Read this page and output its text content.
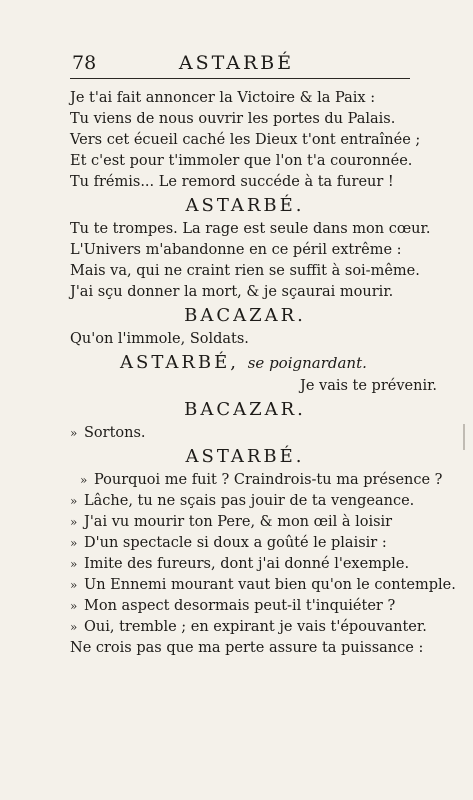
78	ASTARBÉ
Je t'ai fait annoncer la Victoire & la Paix :
Tu viens de nous ouvrir les portes du Palais.
Vers cet écueil caché les Dieux t'ont entraînée ;
Et c'est pour t'immoler que l'on t'a couronnée.
Tu frémis... Le remord succéde à ta fureur !
ASTARBÉ.
Tu te trompes. La rage est seule dans mon cœur.
L'Univers m'abandonne en ce péril extrême :
Mais va, qui ne craint rien se suffit à soi-même.
J'ai sçu donner la mort, & je sçaurai mourir.
BACAZAR.
Qu'on l'immole, Soldats.
ASTARBÉ, se poignardant.
Je vais te prévenir.
BACAZAR.
» Sortons.
ASTARBÉ.
» Pourquoi me fuit ? Craindrois-tu ma présence ?
» Lâche, tu ne sçais pas jouir de ta vengeance.
» J'ai vu mourir ton Pere, & mon œil à loisir
» D'un spectacle si doux a goûté le plaisir :
» Imite des fureurs, dont j'ai donné l'exemple.
» Un Ennemi mourant vaut bien qu'on le contemple.
» Mon aspect desormais peut-il t'inquiéter ?
» Oui, tremble ; en expirant je vais t'épouvanter.
Ne crois pas que ma perte assure ta puissance :
